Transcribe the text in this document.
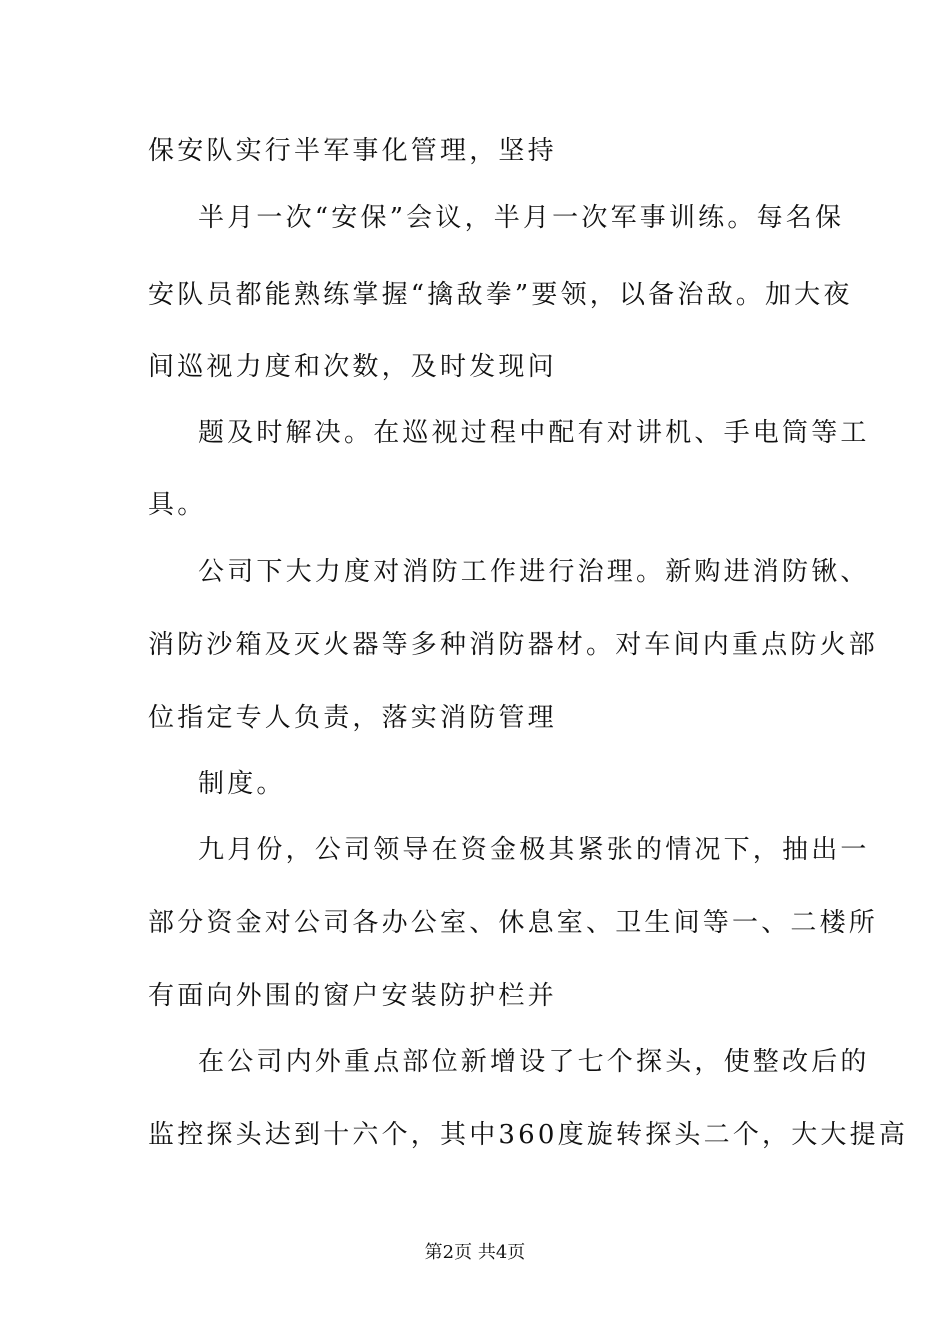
保安队实行半军事化管理，坚持
半月一次“安保”会议，半月一次军事训练。每名保
安队员都能熟练掌握“擒敌拳”要领，以备治敌。加大夜
间巡视力度和次数，及时发现问
题及时解决。在巡视过程中配有对讲机、手电筒等工
具。
公司下大力度对消防工作进行治理。新购进消防锹、
消防沙箱及灭火器等多种消防器材。对车间内重点防火部
位指定专人负责，落实消防管理
制度。
九月份，公司领导在资金极其紧张的情况下，抽出一
部分资金对公司各办公室、休息室、卫生间等一、二楼所
有面向外围的窗户安装防护栏并
在公司内外重点部位新增设了七个探头，使整改后的
监控探头达到十六个，其中360度旋转探头二个，大大提高
第2页 共4页
